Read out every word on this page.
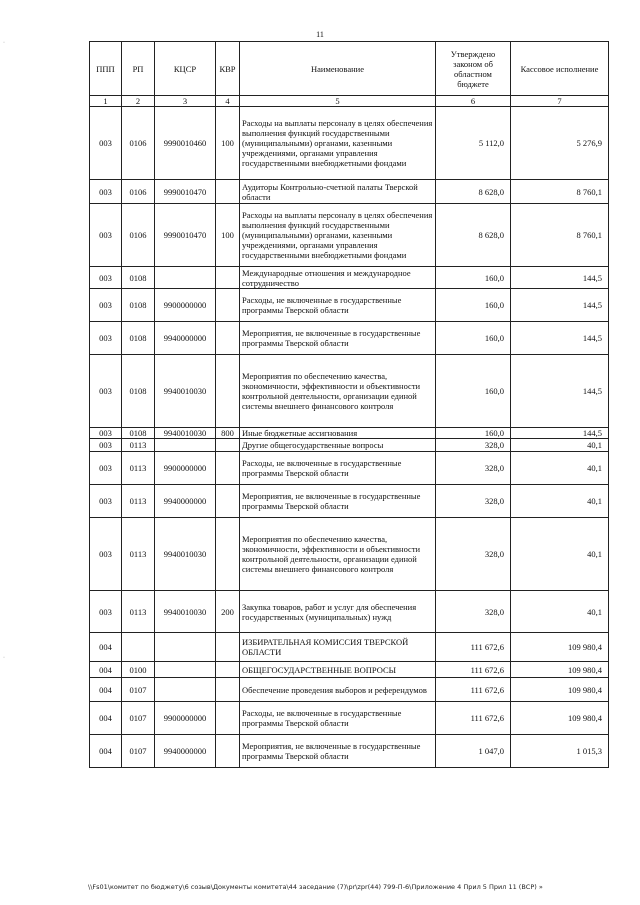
11
ППП	РП	КЦСР	КВР	Наименование	Утверждено законом об областном бюджете	Кассовое исполнение
1	2	3	4	5	6	7
003	0106	9990010460	100	Расходы на выплаты персоналу в целях обеспечения выполнения функций государственными (муниципальными) органами, казенными учреждениями, органами управления государственными внебюджетными фондами	5 112,0	5 276,9
003	0106	9990010470		Аудиторы Контрольно-счетной палаты Тверской области	8 628,0	8 760,1
003	0106	9990010470	100	Расходы на выплаты персоналу в целях обеспечения выполнения функций государственными (муниципальными) органами, казенными учреждениями, органами управления государственными внебюджетными фондами	8 628,0	8 760,1
003	0108			Международные отношения и международное сотрудничество	160,0	144,5
003	0108	9900000000		Расходы, не включенные в государственные программы Тверской области	160,0	144,5
003	0108	9940000000		Мероприятия, не включенные в государственные программы Тверской области	160,0	144,5
003	0108	9940010030		Мероприятия по обеспечению качества, экономичности, эффективности и объективности контрольной деятельности, организации единой системы внешнего финансового контроля	160,0	144,5
003	0108	9940010030	800	Иные бюджетные ассигнования	160,0	144,5
003	0113			Другие общегосударственные вопросы	328,0	40,1
003	0113	9900000000		Расходы, не включенные в государственные программы Тверской области	328,0	40,1
003	0113	9940000000		Мероприятия, не включенные в государственные программы Тверской области	328,0	40,1
003	0113	9940010030		Мероприятия по обеспечению качества, экономичности, эффективности и объективности контрольной деятельности, организации единой системы внешнего финансового контроля	328,0	40,1
003	0113	9940010030	200	Закупка товаров, работ и услуг для обеспечения государственных (муниципальных) нужд	328,0	40,1
004				ИЗБИРАТЕЛЬНАЯ КОМИССИЯ ТВЕРСКОЙ ОБЛАСТИ	111 672,6	109 980,4
004	0100			ОБЩЕГОСУДАРСТВЕННЫЕ ВОПРОСЫ	111 672,6	109 980,4
004	0107			Обеспечение проведения выборов и референдумов	111 672,6	109 980,4
004	0107	9900000000		Расходы, не включенные в государственные программы Тверской области	111 672,6	109 980,4
004	0107	9940000000		Мероприятия, не включенные в государственные программы Тверской области	1 047,0	1 015,3
·
·
\\Fs01\комитет по бюджету\6 созыв\Документы комитета\44 заседание (7)\pr\zpr(44) 799-П-6\Приложение 4 Прил 5 Прил 11 (ВСР) »
